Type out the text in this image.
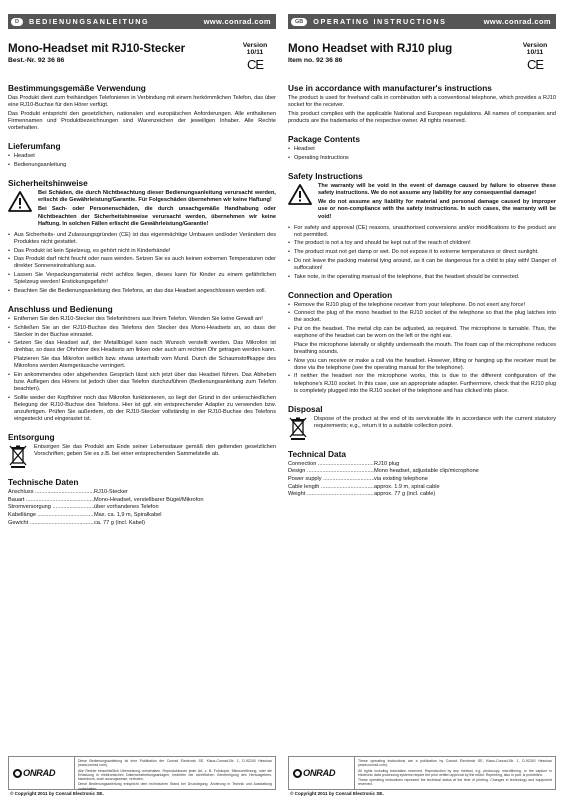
D BEDIENUNGSANLEITUNG	www.conrad.com
Mono-Headset mit RJ10-Stecker
Best.-Nr. 92 36 86
Version 10/11
CE
Bestimmungsgemäße Verwendung

Das Produkt dient zum freihändigen Telefonieren in Verbindung mit einem herkömmlichen Telefon, das über eine RJ10-Buchse für den Hörer verfügt.

Das Produkt entspricht den gesetzlichen, nationalen und europäischen Anforderungen. Alle enthaltenen Firmennamen und Produktbezeichnungen sind Warenzeichen der jeweiligen Inhaber. Alle Rechte vorbehalten.

Lieferumfang
• Headset
• Bedienungsanleitung
Sicherheitshinweise

Bei Schäden, die durch Nichtbeachtung dieser Bedienungsanleitung verursacht werden, erlischt die Gewährleistung/Garantie. Für Folgeschäden übernehmen wir keine Haftung!

Bei Sach- oder Personenschäden, die durch unsachgemäße Handhabung oder Nichtbeachten der Sicherheitshinweise verursacht werden, übernehmen wir keine Haftung. In solchen Fällen erlischt die Gewährleistung/Garantie!

• Aus Sicherheits- und Zulassungsgründen (CE) ist das eigenmächtige Umbauen und/oder Verändern des Produktes nicht gestattet.
• Das Produkt ist kein Spielzeug, es gehört nicht in Kinderhände!
• Das Produkt darf nicht feucht oder nass werden. Setzen Sie es auch keinen extremen Temperaturen oder direkter Sonneneinstrahlung aus.
• Lassen Sie Verpackungsmaterial nicht achtlos liegen, dieses kann für Kinder zu einem gefährlichen Spielzeug werden! Erstickungsgefahr!
• Beachten Sie die Bedienungsanleitung des Telefons, an das das Headset angeschlossen werden soll.
Anschluss und Bedienung
• Entfernen Sie den RJ10-Stecker des Telefonhörers aus Ihrem Telefon. Wenden Sie keine Gewalt an!
• Schließen Sie an der RJ10-Buchse des Telefons den Stecker des Mono-Headsets an, so dass der Stecker in der Buchse einrastet.
• Setzen Sie das Headset auf, der Metallbügel kann nach Wunsch verstellt werden. Das Mikrofon ist drehbar, so dass der Ohrhörer des Headsets am linken oder auch am rechten Ohr getragen werden kann.
Platzieren Sie das Mikrofon seitlich bzw. etwas unterhalb vom Mund. Durch die Schaumstoffkappe des Mikrofons werden Atemgeräusche verringert.
• Ein ankommendes oder abgehendes Gespräch lässt sich jetzt über das Headset führen. Das Abheben bzw. Auflegen des Hörers ist jedoch über das Telefon durchzuführen (Bedienungsanleitung zum Telefon beachten).
• Sollte weder der Kopfhörer noch das Mikrofon funktionieren, so liegt der Grund in der unterschiedlichen Belegung der RJ10-Buchse des Telefons. Hier ist ggf. ein entsprechender Adapter zu verwenden bzw. anzufertigen. Prüfen Sie außerdem, ob der RJ10-Stecker vollständig in der RJ10-Buchse des Telefons eingesteckt und eingerastet ist.
Entsorgung

Entsorgen Sie das Produkt am Ende seiner Lebensdauer gemäß den geltenden gesetzlichen Vorschriften; geben Sie es z.B. bei einer entsprechenden Sammelstelle ab.

Technische Daten
Anschluss .....	RJ10-Stecker
Bauart .....	Mono-Headset, verstellbarer Bügel/Mikrofon
Stromversorgung .....	über vorhandenes Telefon
Kabellänge .....	Max. ca. 1,9 m, Spiralkabel
Gewicht .....	ca. 77 g (incl. Kabel)
GB OPERATING INSTRUCTIONS	www.conrad.com
Mono Headset with RJ10 plug
Item no. 92 36 86
Version 10/11
CE
Use in accordance with manufacturer's instructions

The product is used for freehand calls in combination with a conventional telephone, which provides a RJ10 socket for the receiver.

This product complies with the applicable National and European regulations. All names of companies and products are the trademarks of the respective owner. All rights reserved.

Package Contents
• Headset
• Operating Instructions
Safety Instructions

The warranty will be void in the event of damage caused by failure to observe these safety instructions. We do not assume any liability for any consequential damage!

We do not assume any liability for material and personal damage caused by improper use or non-compliance with the safety instructions. In such cases, the warranty will be void!

• For safety and approval (CE) reasons, unauthorised conversions and/or modifications to the product are not permitted.
• The product is not a toy and should be kept out of the reach of children!
• The product must not get damp or wet. Do not expose it to extreme temperatures or direct sunlight.
• Do not leave the packing material lying around, as it can be dangerous for a child to play with! Danger of suffocation!
• Take note, in the operating manual of the telephone, that the headset should be connected.
Connection and Operation
• Remove the RJ10 plug of the telephone receiver from your telephone. Do not exert any force!
• Connect the plug of the mono headset to the RJ10 socket of the telephone so that the plug latches into the socket.
• Put on the headset. The metal clip can be adjusted, as required. The microphone is turnable. Thus, the earphone of the headset can be worn on the left or the right ear.
Place the microphone laterally or slightly underneath the mouth. The foam cap of the microphone reduces breathing sounds.
• Now you can receive or make a call via the headset. However, lifting or hanging up the receiver must be done via the telephone (see the operating manual for the telephone).
• If neither the headset nor the microphone works, this is due to the different configuration of the telephone's RJ10 socket. In this case, use an appropriate adapter. Furthermore, check that the RJ10 plug is completely plugged into the RJ10 socket of the telephone and has clicked into place.
Disposal

Dispose of the product at the end of its serviceable life in accordance with the current statutory requirements; e.g., return it to a suitable collection point.

Technical Data
Connection .....	RJ10 plug
Design .....	Mono headset, adjustable clip/microphone
Power supply .....	via existing telephone
Cable length .....	approx. 1.9 m, spiral cable
Weight .....	approx. 77 g (incl. cable)
ONRAD

Diese Bedienungsanleitung ist eine Publikation der Conrad Electronic SE, Klaus-Conrad-Str. 1, D-92240 Hirschau (www.conrad.com).

Alle Rechte einschließlich Übersetzung vorbehalten. Reproduktionen jeder Art, z. B. Fotokopie, Mikroverfilmung, oder die Erfassung in elektronischen Datenverarbeitungsanlagen, bedürfen der schriftlichen Genehmigung des Herausgebers. Nachdruck, auch auszugsweise, verboten.

Diese Bedienungsanleitung entspricht dem technischen Stand bei Drucklegung. Änderung in Technik und Ausstattung vorbehalten.

© Copyright 2011 by Conrad Electronic SE.
ONRAD

These operating instructions are a publication by Conrad Electronic SE, Klaus-Conrad-Str. 1, D-92240 Hirschau (www.conrad.com).

All rights including translation reserved. Reproduction by any method, e.g. photocopy, microfilming, or the capture in electronic data processing systems require the prior written approval by the editor. Reprinting, also in part, is prohibited.

These operating instructions represent the technical status at the time of printing. Changes in technology and equipment reserved.

© Copyright 2011 by Conrad Electronic SE.
